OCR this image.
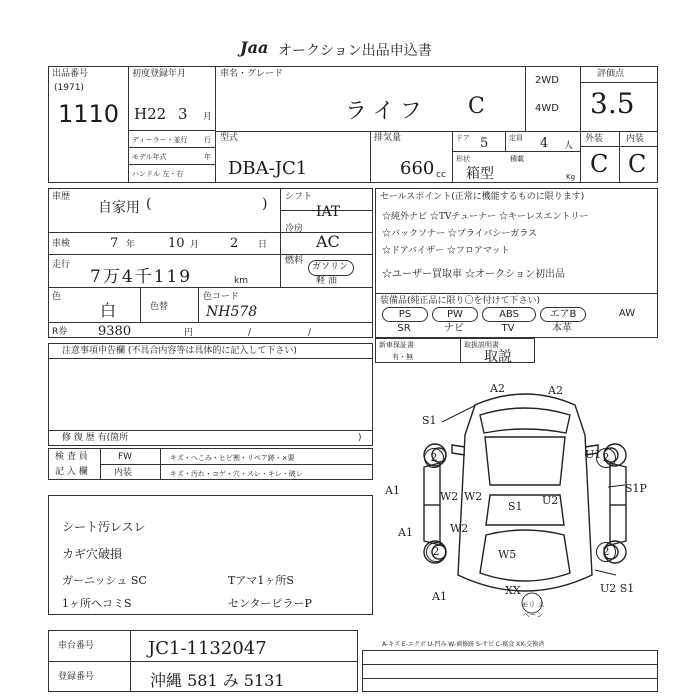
Jaa オークション出品申込書
出品番号
(1971)
1110
初度登録年月
H22 3 月
ディーラー・並行
モデル年式
ハンドル 左・右
行
年
車名・グレード
ライフ C
2WD
4WD
評価点
3.5
型式
DBA-JC1
排気量
660 cc
ドア 5	定員 4 人
形状
箱型
積載
Kg
外装	内装
C C
車歴
自家用 (	) シフト
IAT
冷房
AC
車検	7 年	10 月 2 日
走行
7万4千119	km
燃料
ガソリン
軽 油
色
白	色替
色コード
NH578
R券 9380	円	/	/
セールスポイント(正常に機能するものに限ります)
☆純外ナビ ☆TVチューナー ☆キーレスエントリー
☆バックソナー ☆プライバシーガラス
☆ドアバイザー ☆フロアマット
☆ユーザー買取車 ☆オークション初出品
装備品(純正品に限り〇を付けて下さい)
PS	PW	ABS	エアB	AW
SR	ナビ	TV	本革
新車保証書
有・無
取扱説明書
取説
注意事項申告欄 (不具合内容等は具体的に記入して下さい)
修 復 歴 有(箇所	)
検 査 員
記 入 欄
FW
内装
キズ・へこみ・ヒビ割・リペア跡・×要
キズ・汚れ・コゲ・穴・スレ・キレ・破レ
シート汚レスレ
カギ穴破損
ガーニッシュ SC
1ヶ所ヘコミS
Tアマ1ヶ所S
センターピラーP
車台番号	JC1-1132047
登録番号	沖縄 581 み 5131
A2	A2
S1
U1
W2
S1 U2
S1P
A1	W2
A1	W2
W5
XX
A1
U2 S1
モリ スペーン
2	2
2	2
A-キズ E-エクボ U-凹み W-補修跡 S-サビ C-腐食 XX-交換済
